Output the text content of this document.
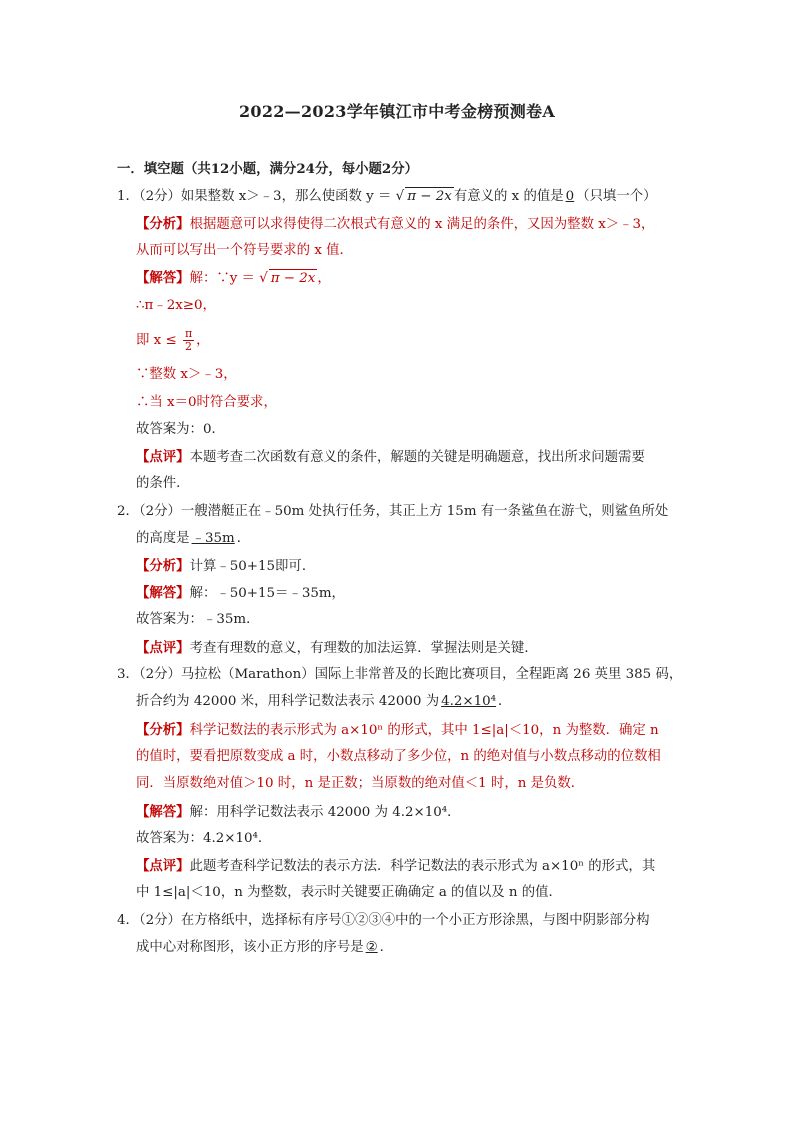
2022—2023学年镇江市中考金榜预测卷A
一．填空题（共12小题，满分24分，每小题2分）
1．（2分）如果整数 x＞﹣3，那么使函数 y ＝ √ π − 2x 有意义的 x 的值是 0 （只填一个）
【分析】根据题意可以求得使得二次根式有意义的 x 满足的条件，又因为整数 x＞﹣3，
从而可以写出一个符号要求的 x 值．
【解答】解：∵y ＝ √ π − 2x ，
∴π﹣2x≥0，
即 $x \le \frac{\pi}{2}$ ，
∵整数 x＞﹣3，
∴当 x＝0时符合要求，
故答案为：0．
【点评】本题考查二次函数有意义的条件，解题的关键是明确题意，找出所求问题需要
的条件．
2．（2分）一艘潜艇正在﹣50m 处执行任务，其正上方 15m 有一条鲨鱼在游弋，则鲨鱼所处
的高度是 ﹣35m ．
【分析】计算﹣50+15即可．
【解答】解：﹣50+15＝﹣35m，
故答案为：﹣35m．
【点评】考查有理数的意义，有理数的加法运算．掌握法则是关键．
3．（2分）马拉松（Marathon）国际上非常普及的长跑比赛项目，全程距离 26 英里 385 码，
折合约为 42000 米，用科学记数法表示 42000 为 4.2×10⁴ ．
【分析】科学记数法的表示形式为 a×10ⁿ 的形式，其中 1≤|a|＜10，n 为整数．确定 n
的值时，要看把原数变成 a 时，小数点移动了多少位，n 的绝对值与小数点移动的位数相
同．当原数绝对值＞10 时，n 是正数；当原数的绝对值＜1 时，n 是负数．
【解答】解：用科学记数法表示 42000 为 4.2×10⁴．
故答案为：4.2×10⁴．
【点评】此题考查科学记数法的表示方法．科学记数法的表示形式为 a×10ⁿ 的形式，其
中 1≤|a|＜10，n 为整数，表示时关键要正确确定 a 的值以及 n 的值．
4．（2分）在方格纸中，选择标有序号①②③④中的一个小正方形涂黑，与图中阴影部分构
成中心对称图形，该小正方形的序号是 ② ．
